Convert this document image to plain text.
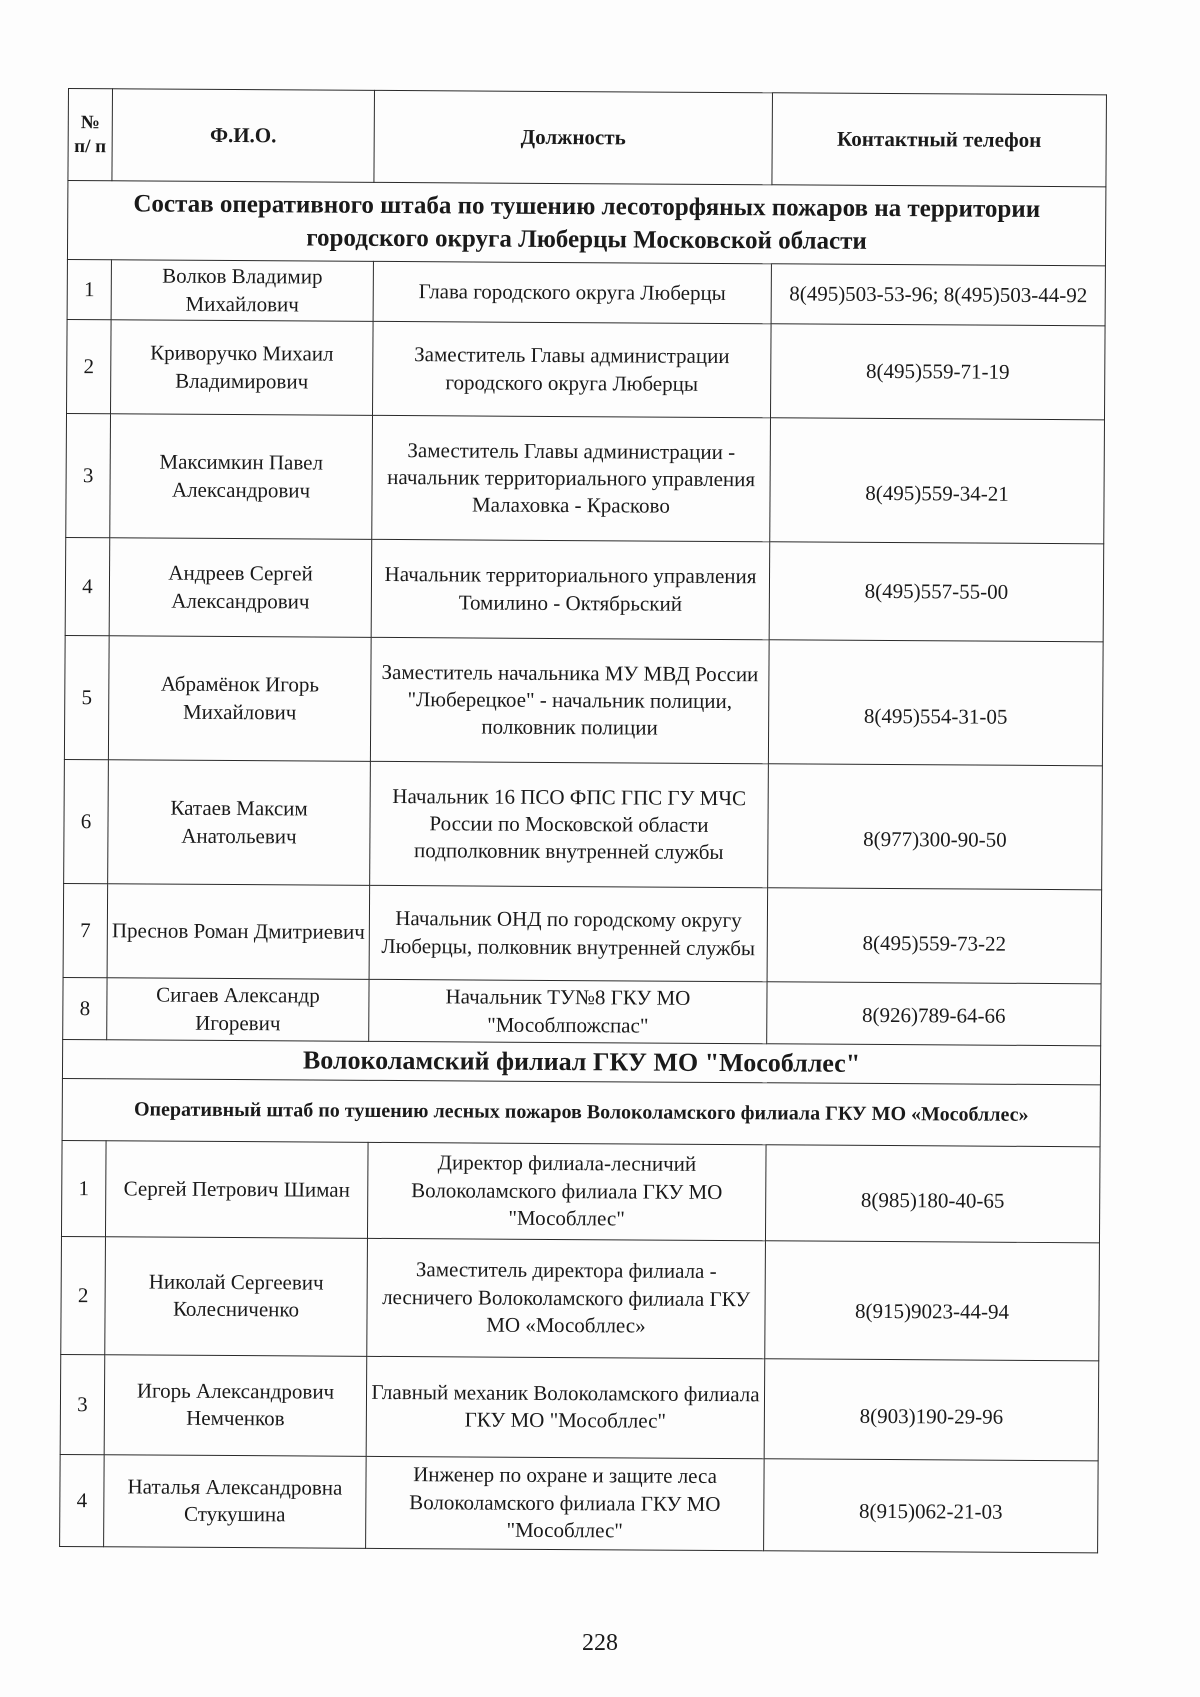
№ п/ п	Ф.И.О.	Должность	Контактный телефон
Состав оперативного штаба по тушению лесоторфяных пожаров на территории городского округа Люберцы Московской области			
1	Волков Владимир Михайлович	Глава городского округа Люберцы	8(495)503-53-96; 8(495)503-44-92
2	Криворучко Михаил Владимирович	Заместитель Главы администрации городского округа Люберцы	8(495)559-71-19
3	Максимкин Павел Александрович	Заместитель Главы администрации - начальник территориального управления Малаховка - Красково	8(495)559-34-21
4	Андреев Сергей Александрович	Начальник территориального управления Томилино - Октябрьский	8(495)557-55-00
5	Абрамёнок Игорь Михайлович	Заместитель начальника МУ МВД России "Люберецкое" - начальник полиции, полковник полиции	8(495)554-31-05
6	Катаев Максим Анатольевич	Начальник 16 ПСО ФПС ГПС ГУ МЧС России по Московской области подполковник внутренней службы	8(977)300-90-50
7	Преснов Роман Дмитриевич	Начальник ОНД по городскому округу Люберцы, полковник внутренней службы	8(495)559-73-22
8	Сигаев Александр Игоревич	Начальник ТУ№8 ГКУ МО "Мособлпожспас"	8(926)789-64-66
Волоколамский филиал ГКУ МО "Мособллес"			
Оперативный штаб по тушению лесных пожаров Волоколамского филиала ГКУ МО «Мособллес»			
1	Сергей Петрович Шиман	Директор филиала-лесничий Волоколамского филиала ГКУ МО "Мособллес"	8(985)180-40-65
2	Николай Сергеевич Колесниченко	Заместитель директора филиала - лесничего Волоколамского филиала ГКУ МО «Мособллес»	8(915)9023-44-94
3	Игорь Александрович Немченков	Главный механик Волоколамского филиала ГКУ МО "Мособллес"	8(903)190-29-96
4	Наталья Александровна Стукушина	Инженер по охране и защите леса Волоколамского филиала ГКУ МО "Мособллес"	8(915)062-21-03
228
